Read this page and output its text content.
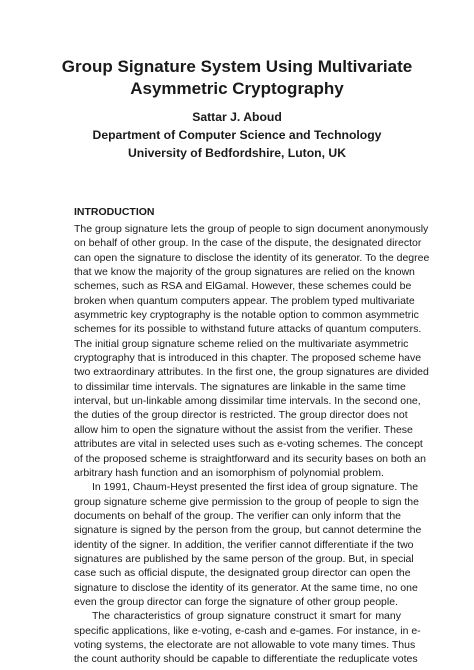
Group Signature System Using Multivariate
Asymmetric Cryptography
Sattar J. Aboud
Department of Computer Science and Technology
University of Bedfordshire, Luton, UK
INTRODUCTION
The group signature lets the group of people to sign document anonymously
on behalf of other group. In the case of the dispute, the designated director
can open the signature to disclose the identity of its generator. To the degree
that we know the majority of the group signatures are relied on the known
schemes, such as RSA and ElGamal. However, these schemes could be
broken when quantum computers appear. The problem typed multivariate
asymmetric key cryptography is the notable option to common asymmetric
schemes for its possible to withstand future attacks of quantum computers.
The initial group signature scheme relied on the multivariate asymmetric
cryptography that is introduced in this chapter. The proposed scheme have
two extraordinary attributes. In the first one, the group signatures are divided
to dissimilar time intervals. The signatures are linkable in the same time
interval, but un-linkable among dissimilar time intervals. In the second one,
the duties of the group director is restricted. The group director does not
allow him to open the signature without the assist from the verifier. These
attributes are vital in selected uses such as e-voting schemes. The concept
of the proposed scheme is straightforward and its security bases on both an
arbitrary hash function and an isomorphism of polynomial problem.
In 1991, Chaum-Heyst presented the first idea of group signature. The
group signature scheme give permission to the group of people to sign the
documents on behalf of the group. The verifier can only inform that the
signature is signed by the person from the group, but cannot determine the
identity of the signer. In addition, the verifier cannot differentiate if the two
signatures are published by the same person of the group. But, in special
case such as official dispute, the designated group director can open the
signature to disclose the identity of its generator. At the same time, no one
even the group director can forge the signature of other group people.
The characteristics of group signature construct it smart for many
specific applications, like e-voting, e-cash and e-games. For instance, in e-
voting systems, the electorate are not allowable to vote many times. Thus
the count authority should be capable to differentiate the reduplicate votes
